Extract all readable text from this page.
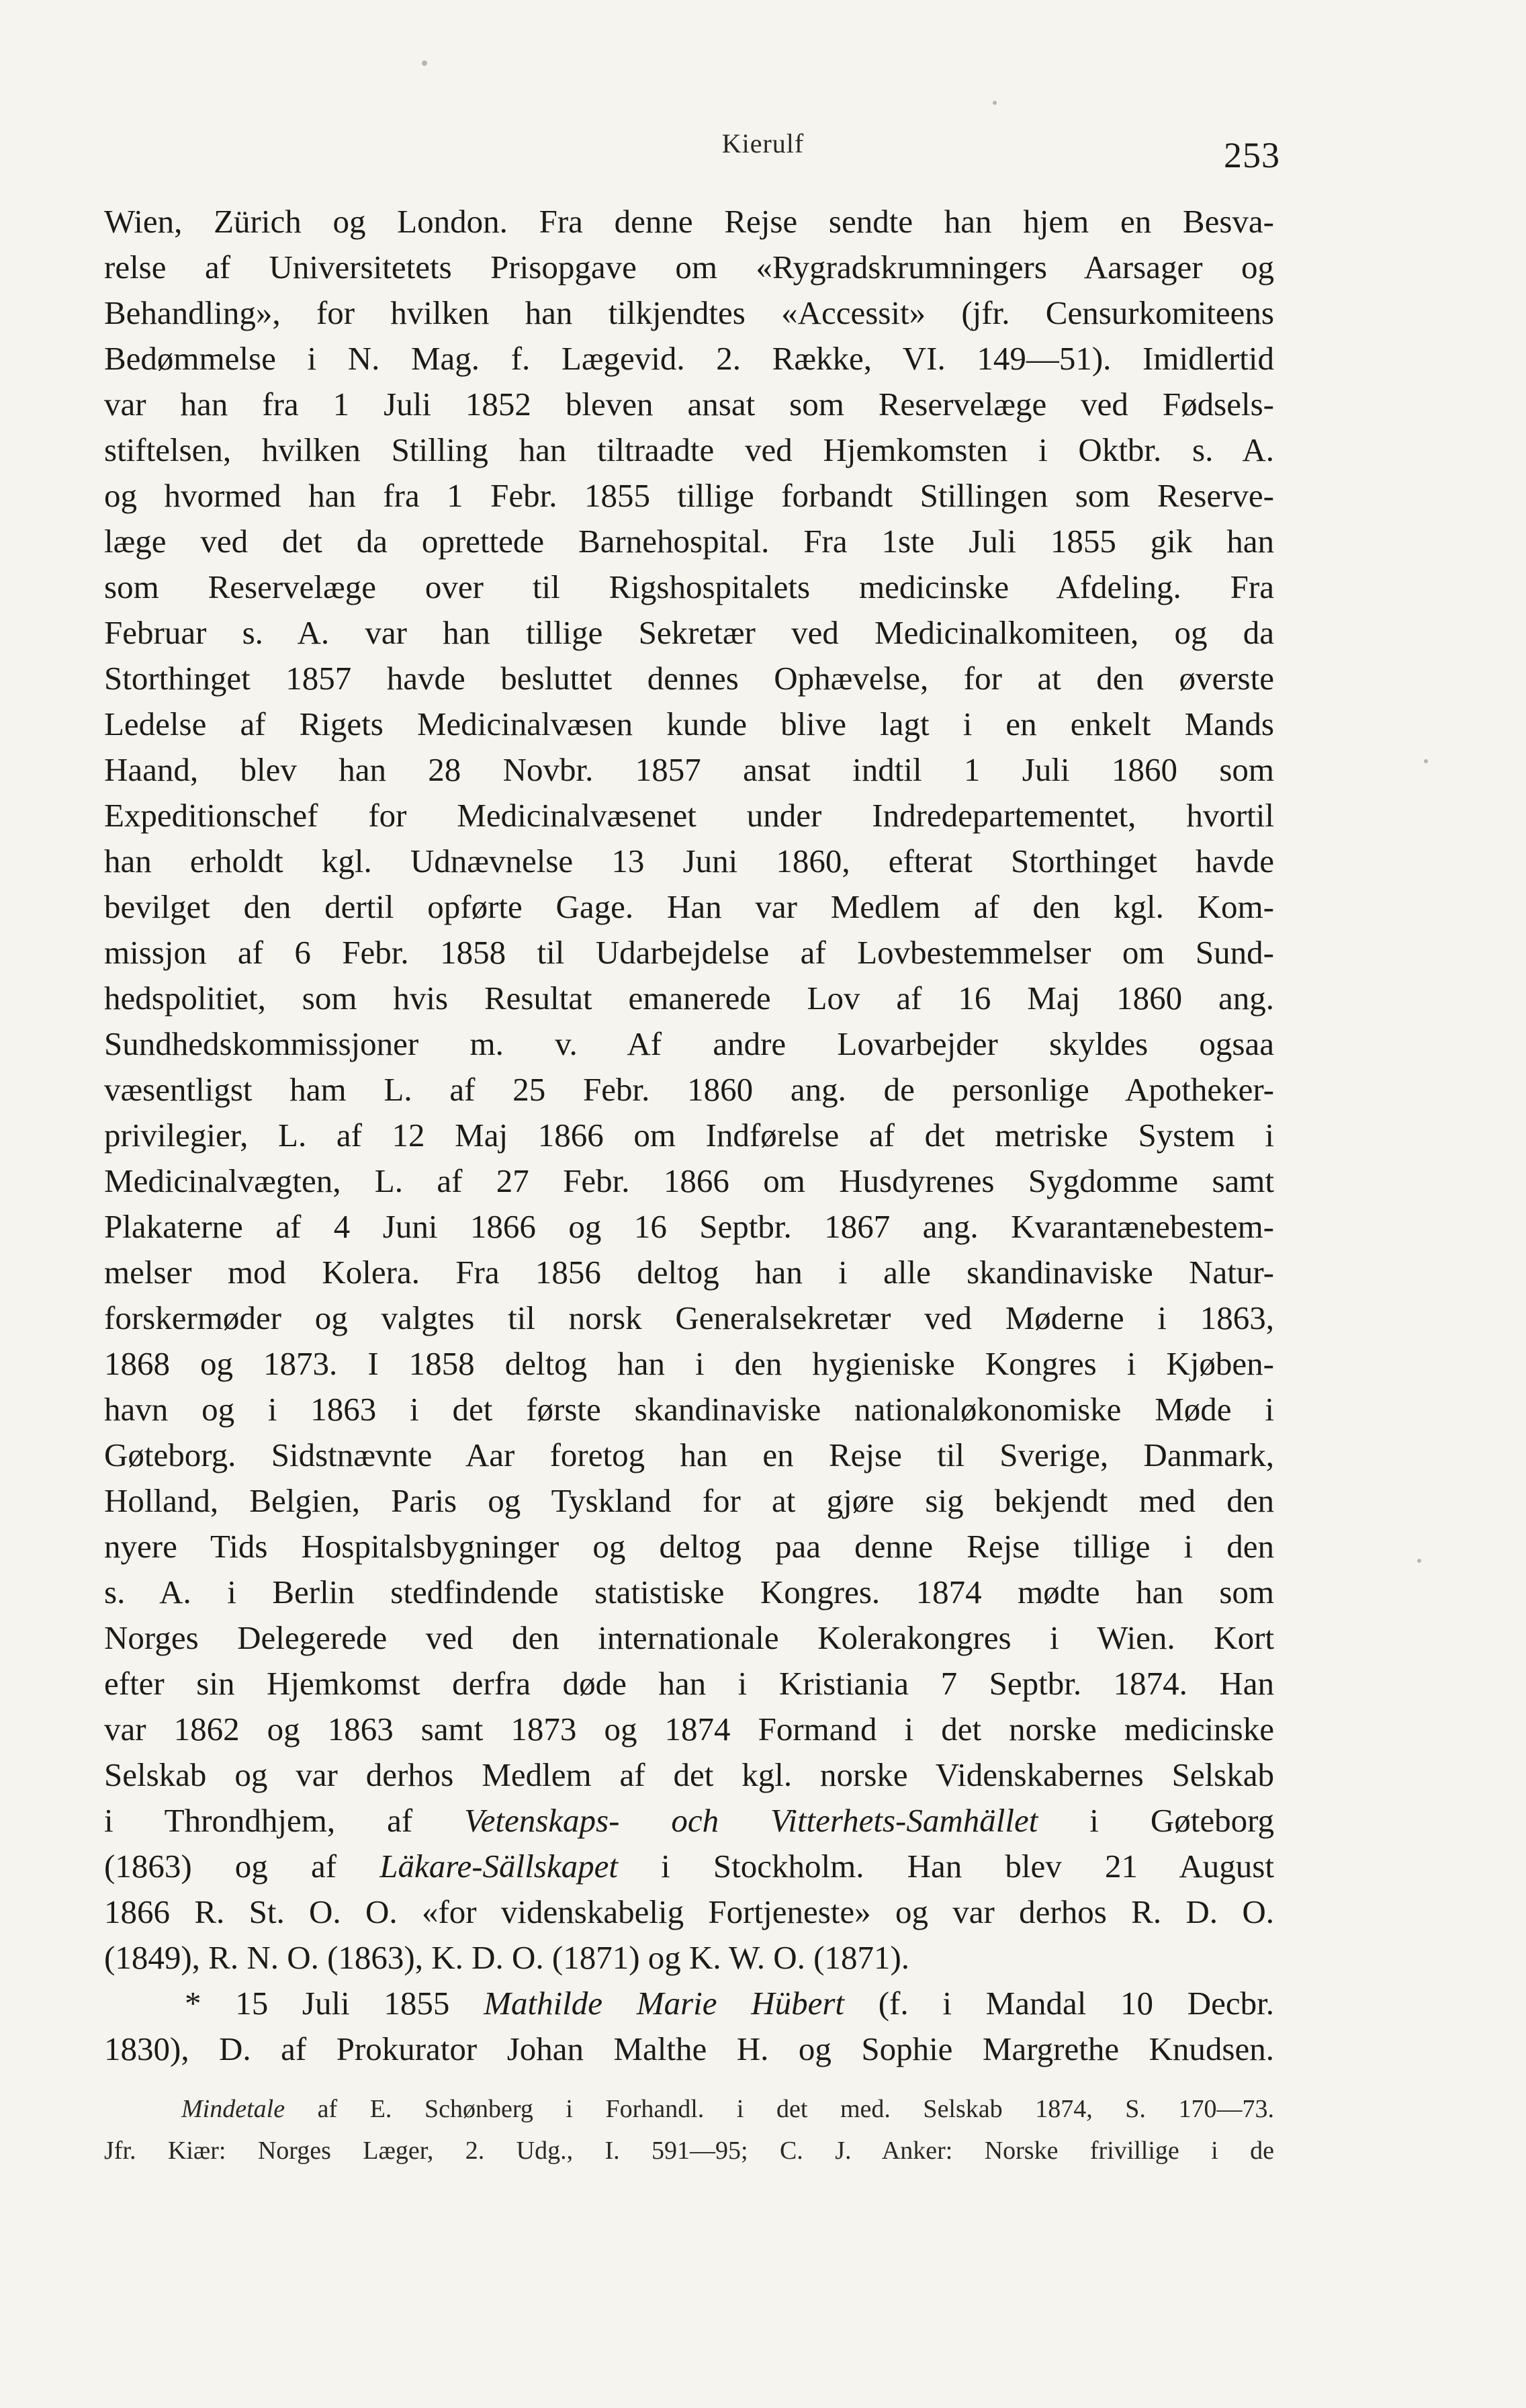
Kierulf	253
Wien, Zürich og London. Fra denne Rejse sendte han hjem en Besva-
relse af Universitetets Prisopgave om «Rygradskrumningers Aarsager og
Behandling», for hvilken han tilkjendtes «Accessit» (jfr. Censurkomiteens
Bedømmelse i N. Mag. f. Lægevid. 2. Række, VI. 149—51). Imidlertid
var han fra 1 Juli 1852 bleven ansat som Reservelæge ved Fødsels-
stiftelsen, hvilken Stilling han tiltraadte ved Hjemkomsten i Oktbr. s. A.
og hvormed han fra 1 Febr. 1855 tillige forbandt Stillingen som Reserve-
læge ved det da oprettede Barnehospital. Fra 1ste Juli 1855 gik han
som Reservelæge over til Rigshospitalets medicinske Afdeling. Fra
Februar s. A. var han tillige Sekretær ved Medicinalkomiteen, og da
Storthinget 1857 havde besluttet dennes Ophævelse, for at den øverste
Ledelse af Rigets Medicinalvæsen kunde blive lagt i en enkelt Mands
Haand, blev han 28 Novbr. 1857 ansat indtil 1 Juli 1860 som
Expeditionschef for Medicinalvæsenet under Indredepartementet, hvortil
han erholdt kgl. Udnævnelse 13 Juni 1860, efterat Storthinget havde
bevilget den dertil opførte Gage. Han var Medlem af den kgl. Kom-
missjon af 6 Febr. 1858 til Udarbejdelse af Lovbestemmelser om Sund-
hedspolitiet, som hvis Resultat emanerede Lov af 16 Maj 1860 ang.
Sundhedskommissjoner m. v. Af andre Lovarbejder skyldes ogsaa
væsentligst ham L. af 25 Febr. 1860 ang. de personlige Apotheker-
privilegier, L. af 12 Maj 1866 om Indførelse af det metriske System i
Medicinalvægten, L. af 27 Febr. 1866 om Husdyrenes Sygdomme samt
Plakaterne af 4 Juni 1866 og 16 Septbr. 1867 ang. Kvarantænebestem-
melser mod Kolera. Fra 1856 deltog han i alle skandinaviske Natur-
forskermøder og valgtes til norsk Generalsekretær ved Møderne i 1863,
1868 og 1873. I 1858 deltog han i den hygieniske Kongres i Kjøben-
havn og i 1863 i det første skandinaviske nationaløkonomiske Møde i
Gøteborg. Sidstnævnte Aar foretog han en Rejse til Sverige, Danmark,
Holland, Belgien, Paris og Tyskland for at gjøre sig bekjendt med den
nyere Tids Hospitalsbygninger og deltog paa denne Rejse tillige i den
s. A. i Berlin stedfindende statistiske Kongres. 1874 mødte han som
Norges Delegerede ved den internationale Kolerakongres i Wien. Kort
efter sin Hjemkomst derfra døde han i Kristiania 7 Septbr. 1874. Han
var 1862 og 1863 samt 1873 og 1874 Formand i det norske medicinske
Selskab og var derhos Medlem af det kgl. norske Videnskabernes Selskab
i Throndhjem, af Vetenskaps- och Vitterhets-Samhället i Gøteborg
(1863) og af Läkare-Sällskapet i Stockholm. Han blev 21 August
1866 R. St. O. O. «for videnskabelig Fortjeneste» og var derhos R. D. O.
(1849), R. N. O. (1863), K. D. O. (1871) og K. W. O. (1871).
* 15 Juli 1855 Mathilde Marie Hübert (f. i Mandal 10 Decbr.
1830), D. af Prokurator Johan Malthe H. og Sophie Margrethe Knudsen.
Mindetale af E. Schønberg i Forhandl. i det med. Selskab 1874, S. 170—73.
Jfr. Kiær: Norges Læger, 2. Udg., I. 591—95; C. J. Anker: Norske frivillige i de
